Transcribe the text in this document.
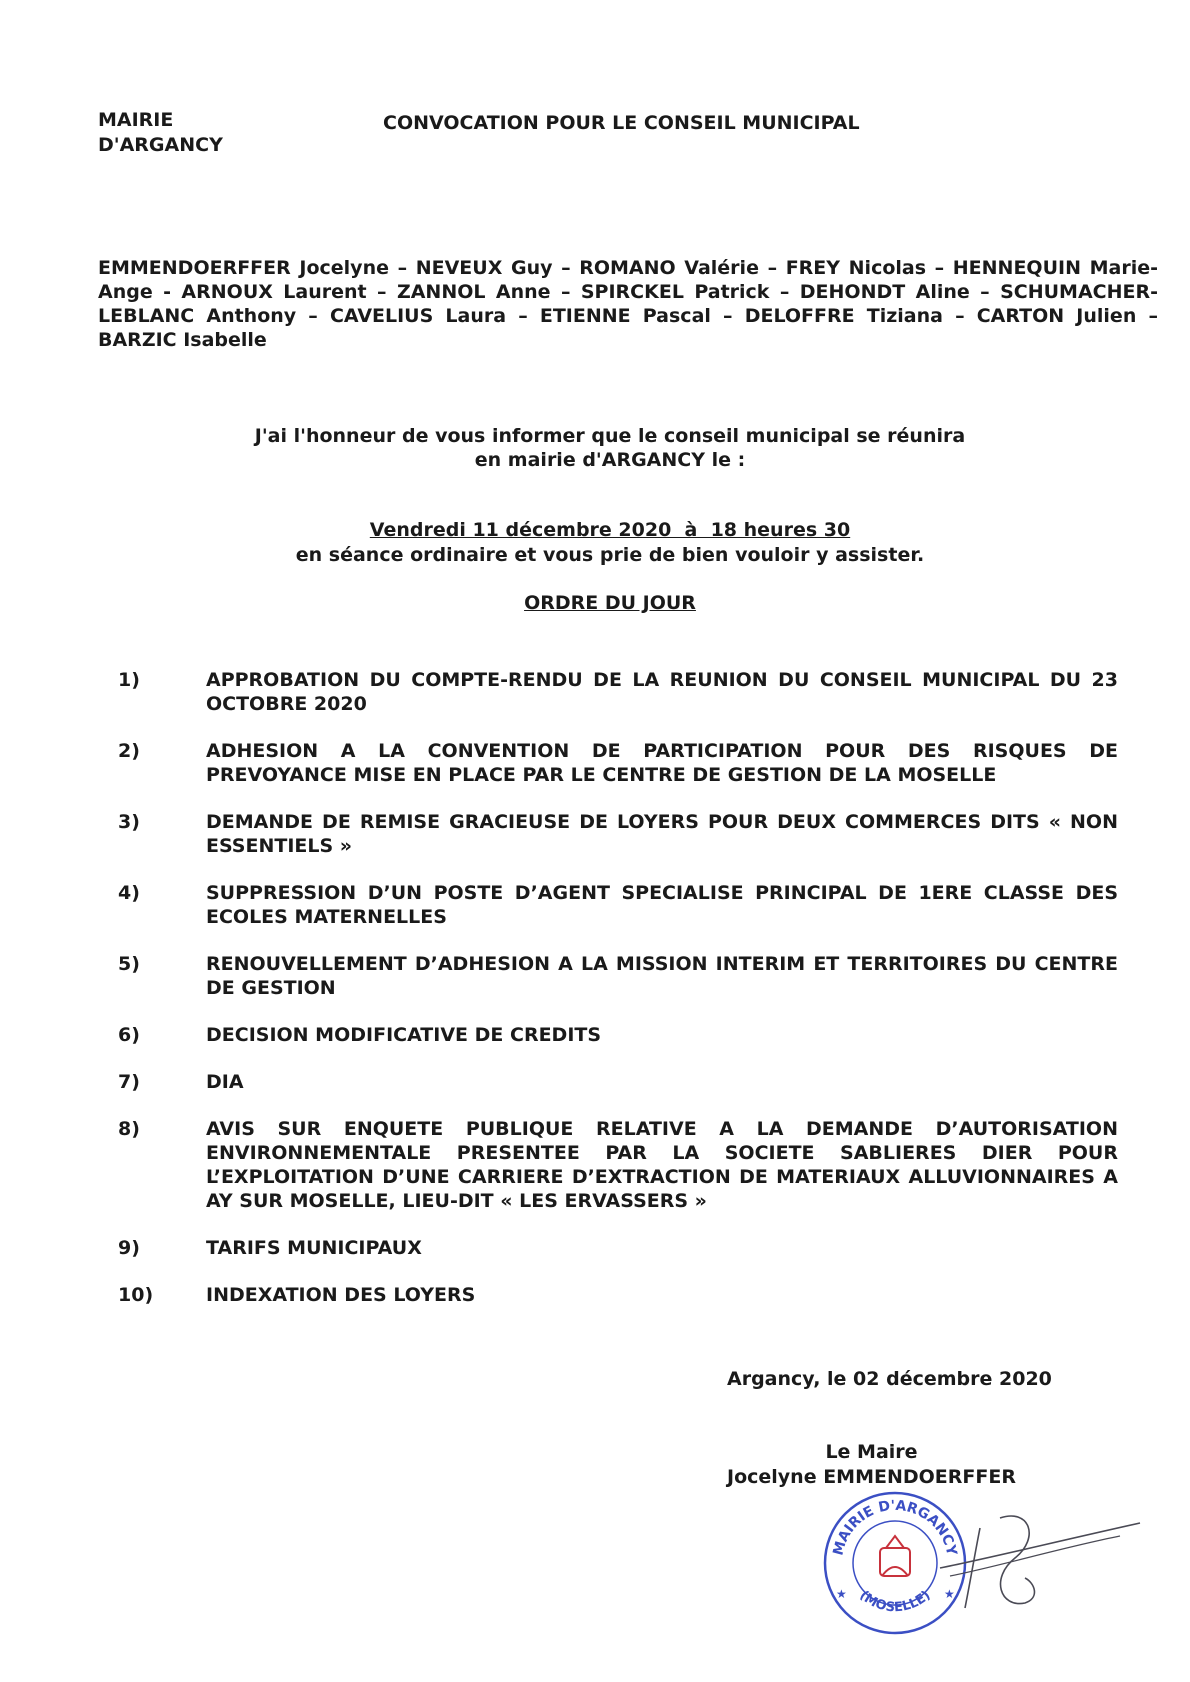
MAIRIE
D'ARGANCY
CONVOCATION POUR LE CONSEIL MUNICIPAL
EMMENDOERFFER Jocelyne – NEVEUX Guy – ROMANO Valérie – FREY Nicolas – HENNEQUIN Marie-Ange - ARNOUX Laurent – ZANNOL Anne – SPIRCKEL Patrick – DEHONDT Aline – SCHUMACHER-LEBLANC Anthony – CAVELIUS Laura – ETIENNE Pascal – DELOFFRE Tiziana – CARTON Julien – BARZIC Isabelle
J'ai l'honneur de vous informer que le conseil municipal se réunira
en mairie d'ARGANCY le :
Vendredi 11 décembre 2020  à  18 heures 30
en séance ordinaire et vous prie de bien vouloir y assister.
ORDRE DU JOUR
1)	APPROBATION DU COMPTE-RENDU DE LA REUNION DU CONSEIL MUNICIPAL DU 23 OCTOBRE 2020
2)	ADHESION A LA CONVENTION DE PARTICIPATION POUR DES RISQUES DE PREVOYANCE MISE EN PLACE PAR LE CENTRE DE GESTION DE LA MOSELLE
3)	DEMANDE DE REMISE GRACIEUSE DE LOYERS POUR DEUX COMMERCES DITS « NON ESSENTIELS »
4)	SUPPRESSION D’UN POSTE D’AGENT SPECIALISE PRINCIPAL DE 1ERE CLASSE DES ECOLES MATERNELLES
5)	RENOUVELLEMENT D’ADHESION A LA MISSION INTERIM ET TERRITOIRES DU CENTRE DE GESTION
6)	DECISION MODIFICATIVE DE CREDITS
7)	DIA
8)	AVIS SUR ENQUETE PUBLIQUE RELATIVE A LA DEMANDE D’AUTORISATION ENVIRONNEMENTALE PRESENTEE PAR LA SOCIETE SABLIERES DIER POUR L’EXPLOITATION D’UNE CARRIERE D’EXTRACTION DE MATERIAUX ALLUVIONNAIRES A AY SUR MOSELLE, LIEU-DIT « LES ERVASSERS »
9)	TARIFS MUNICIPAUX
10)	INDEXATION DES LOYERS
Argancy, le 02 décembre 2020
Le Maire
Jocelyne EMMENDOERFFER
MAIRIE D'ARGANCY
(MOSELLE)
★	★
